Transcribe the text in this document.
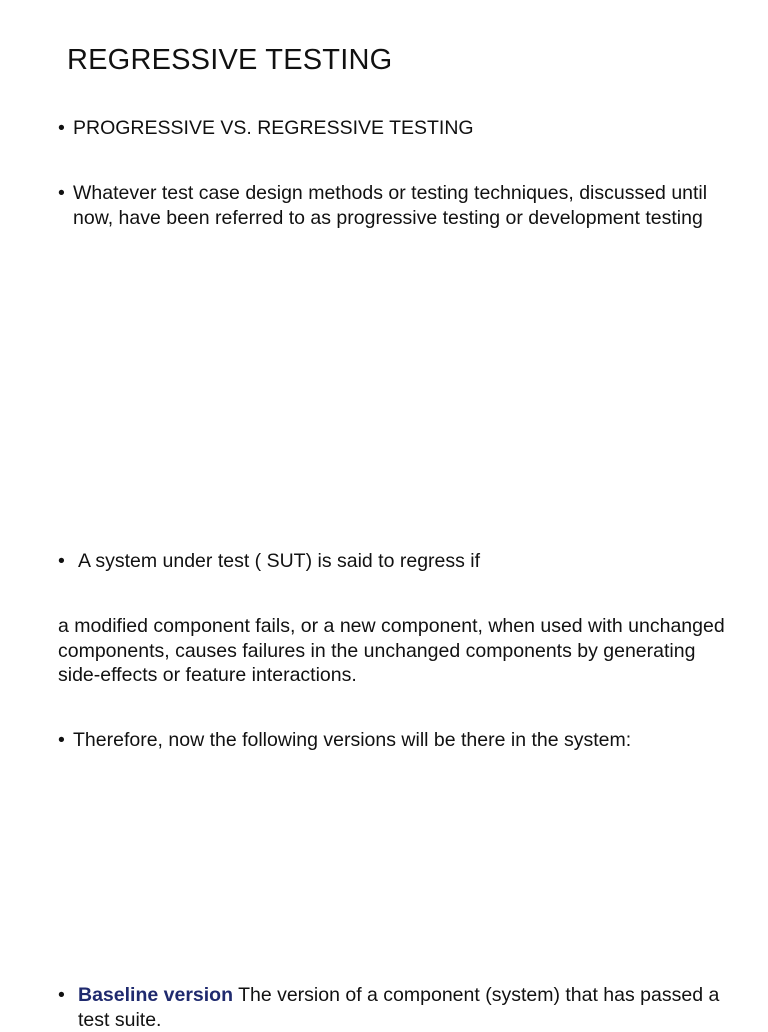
REGRESSIVE TESTING
• PROGRESSIVE VS. REGRESSIVE TESTING
• Whatever test case design methods or testing techniques, discussed until now, have been referred to as progressive testing or development testing
• A system under test ( SUT) is said to regress if
a modified component fails, or a new component, when used with unchanged components, causes failures in the unchanged components by generating side-effects or feature interactions.
• Therefore, now the following versions will be there in the system:
• Baseline version The version of a component (system) that has passed a test suite.
